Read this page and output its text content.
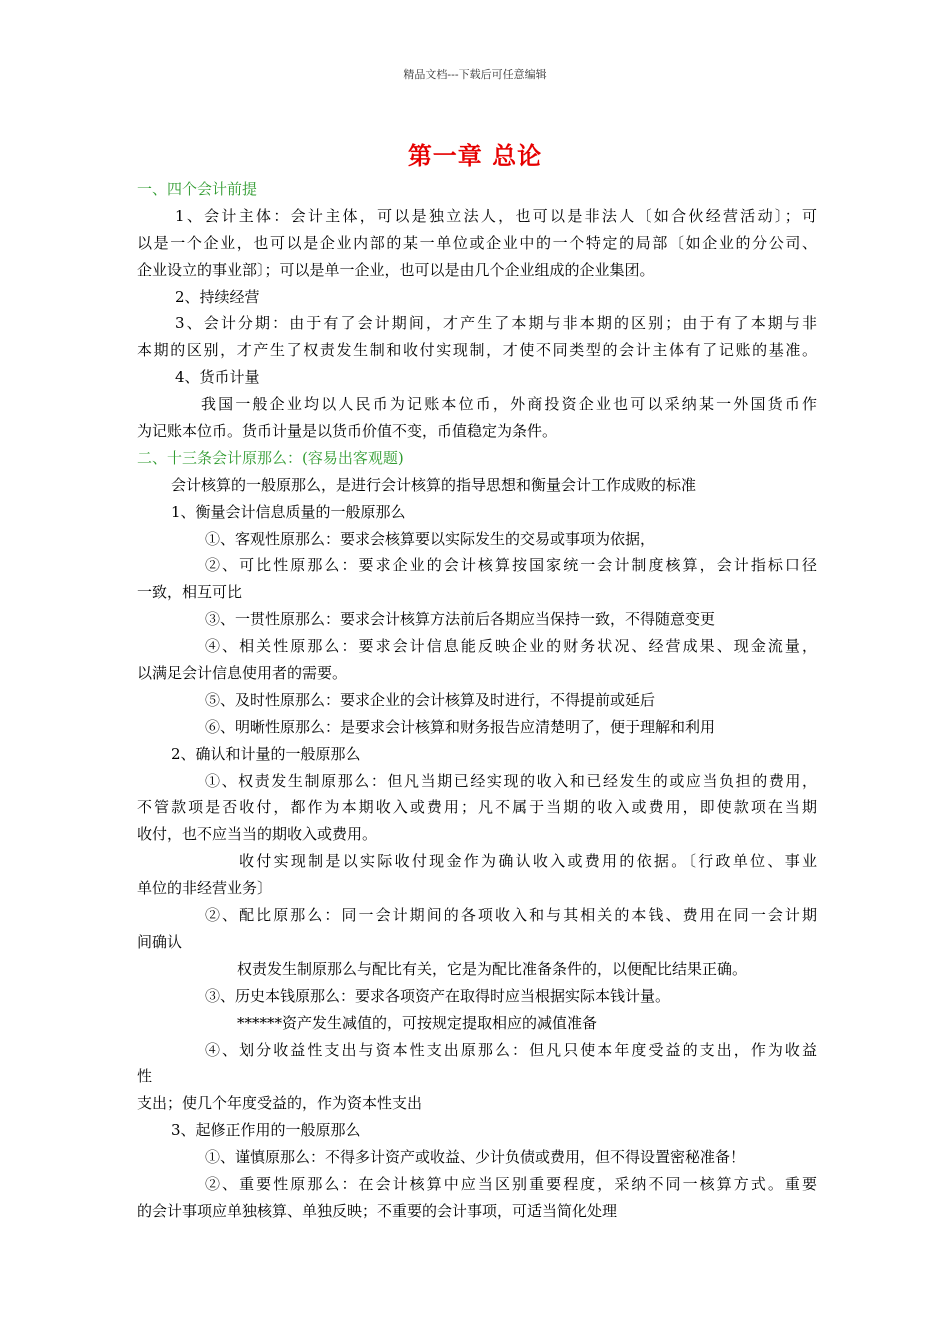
精品文档---下载后可任意编辑
第一章 总论
一、四个会计前提
1、会计主体：会计主体，可以是独立法人，也可以是非法人〔如合伙经营活动〕；可
以是一个企业，也可以是企业内部的某一单位或企业中的一个特定的局部〔如企业的分公司、
企业设立的事业部〕；可以是单一企业，也可以是由几个企业组成的企业集团。
2、持续经营
3、会计分期：由于有了会计期间，才产生了本期与非本期的区别；由于有了本期与非
本期的区别，才产生了权责发生制和收付实现制，才使不同类型的会计主体有了记账的基准。
4、货币计量
我国一般企业均以人民币为记账本位币，外商投资企业也可以采纳某一外国货币作
为记账本位币。货币计量是以货币价值不变，币值稳定为条件。
二、十三条会计原那么：(容易出客观题)
会计核算的一般原那么，是进行会计核算的指导思想和衡量会计工作成败的标准
1、衡量会计信息质量的一般原那么
①、客观性原那么：要求会核算要以实际发生的交易或事项为依据，
②、可比性原那么：要求企业的会计核算按国家统一会计制度核算，会计指标口径
一致，相互可比
③、一贯性原那么：要求会计核算方法前后各期应当保持一致，不得随意变更
④、相关性原那么：要求会计信息能反映企业的财务状况、经营成果、现金流量，
以满足会计信息使用者的需要。
⑤、及时性原那么：要求企业的会计核算及时进行，不得提前或延后
⑥、明晰性原那么：是要求会计核算和财务报告应清楚明了，便于理解和利用
2、确认和计量的一般原那么
①、权责发生制原那么：但凡当期已经实现的收入和已经发生的或应当负担的费用，
不管款项是否收付，都作为本期收入或费用；凡不属于当期的收入或费用，即使款项在当期
收付，也不应当当的期收入或费用。
收付实现制是以实际收付现金作为确认收入或费用的依据。〔行政单位、事业
单位的非经营业务〕
②、配比原那么：同一会计期间的各项收入和与其相关的本钱、费用在同一会计期
间确认
权责发生制原那么与配比有关，它是为配比准备条件的，以便配比结果正确。
③、历史本钱原那么：要求各项资产在取得时应当根据实际本钱计量。
******资产发生减值的，可按规定提取相应的减值准备
④、划分收益性支出与资本性支出原那么：但凡只使本年度受益的支出，作为收益
性
支出；使几个年度受益的，作为资本性支出
3、起修正作用的一般原那么
①、谨慎原那么：不得多计资产或收益、少计负债或费用，但不得设置密秘准备！
②、重要性原那么：在会计核算中应当区别重要程度，采纳不同一核算方式。重要
的会计事项应单独核算、单独反映；不重要的会计事项，可适当简化处理
